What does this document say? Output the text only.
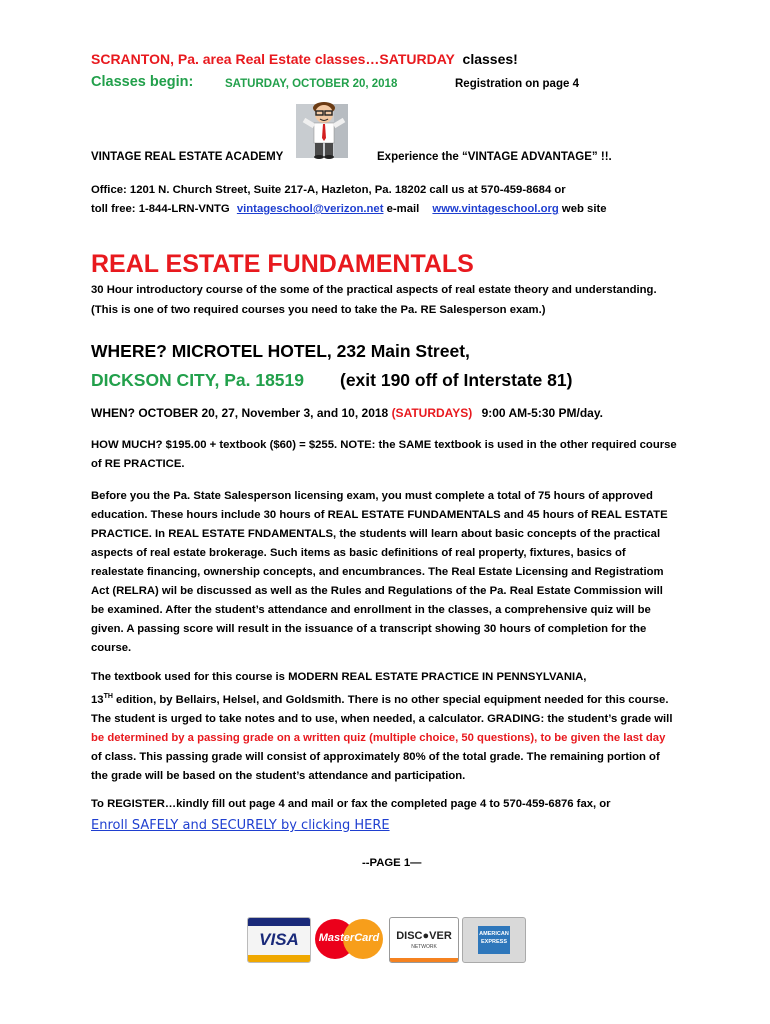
SCRANTON, Pa. area Real Estate classes…SATURDAY classes!
Classes begin:	SATURDAY, OCTOBER 20, 2018	Registration on page 4
VINTAGE REAL ESTATE ACADEMY	Experience the “VINTAGE ADVANTAGE” !!.
Office: 1201 N. Church Street, Suite 217-A, Hazleton, Pa. 18202 call us at 570-459-8684 or
toll free: 1-844-LRN-VNTG vintageschool@verizon.net e-mail www.vintageschool.org web site
REAL ESTATE FUNDAMENTALS
30 Hour introductory course of the some of the practical aspects of real estate theory and understanding.
(This is one of two required courses you need to take the Pa. RE Salesperson exam.)
WHERE? MICROTEL HOTEL, 232 Main Street,
DICKSON CITY, Pa. 18519 (exit 190 off of Interstate 81)
WHEN? OCTOBER 20, 27, November 3, and 10, 2018 (SATURDAYS) 9:00 AM-5:30 PM/day.

HOW MUCH? $195.00 + textbook ($60) = $255. NOTE: the SAME textbook is used in the other required course

of RE PRACTICE.

Before you the Pa. State Salesperson licensing exam, you must complete a total of 75 hours of approved

education. These hours include 30 hours of REAL ESTATE FUNDAMENTALS and 45 hours of REAL ESTATE

PRACTICE. In REAL ESTATE FNDAMENTALS, the students will learn about basic concepts of the practical

aspects of real estate brokerage. Such items as basic definitions of real property, fixtures, basics of

realestate financing, ownership concepts, and encumbrances. The Real Estate Licensing and Registratiom

Act (RELRA) wil be discussed as well as the Rules and Regulations of the Pa. Real Estate Commission will

be examined. After the student’s attendance and enrollment in the classes, a comprehensive quiz will be

given. A passing score will result in the issuance of a transcript showing 30 hours of completion for the

course.

The textbook used for this course is MODERN REAL ESTATE PRACTICE IN PENNSYLVANIA,

13TH edition, by Bellairs, Helsel, and Goldsmith. There is no other special equipment needed for this course.

The student is urged to take notes and to use, when needed, a calculator. GRADING: the student’s grade will

be determined by a passing grade on a written quiz (multiple choice, 50 questions), to be given the last day

of class. This passing grade will consist of approximately 80% of the total grade. The remaining portion of

the grade will be based on the student’s attendance and participation.

To REGISTER…kindly fill out page 4 and mail or fax the completed page 4 to 570-459-6876 fax, or
Enroll SAFELY and SECURELY by clicking HERE
--PAGE 1—
VISA	MasterCard	DISC●VER
NETWORK
AMERICAN EXPRESS
